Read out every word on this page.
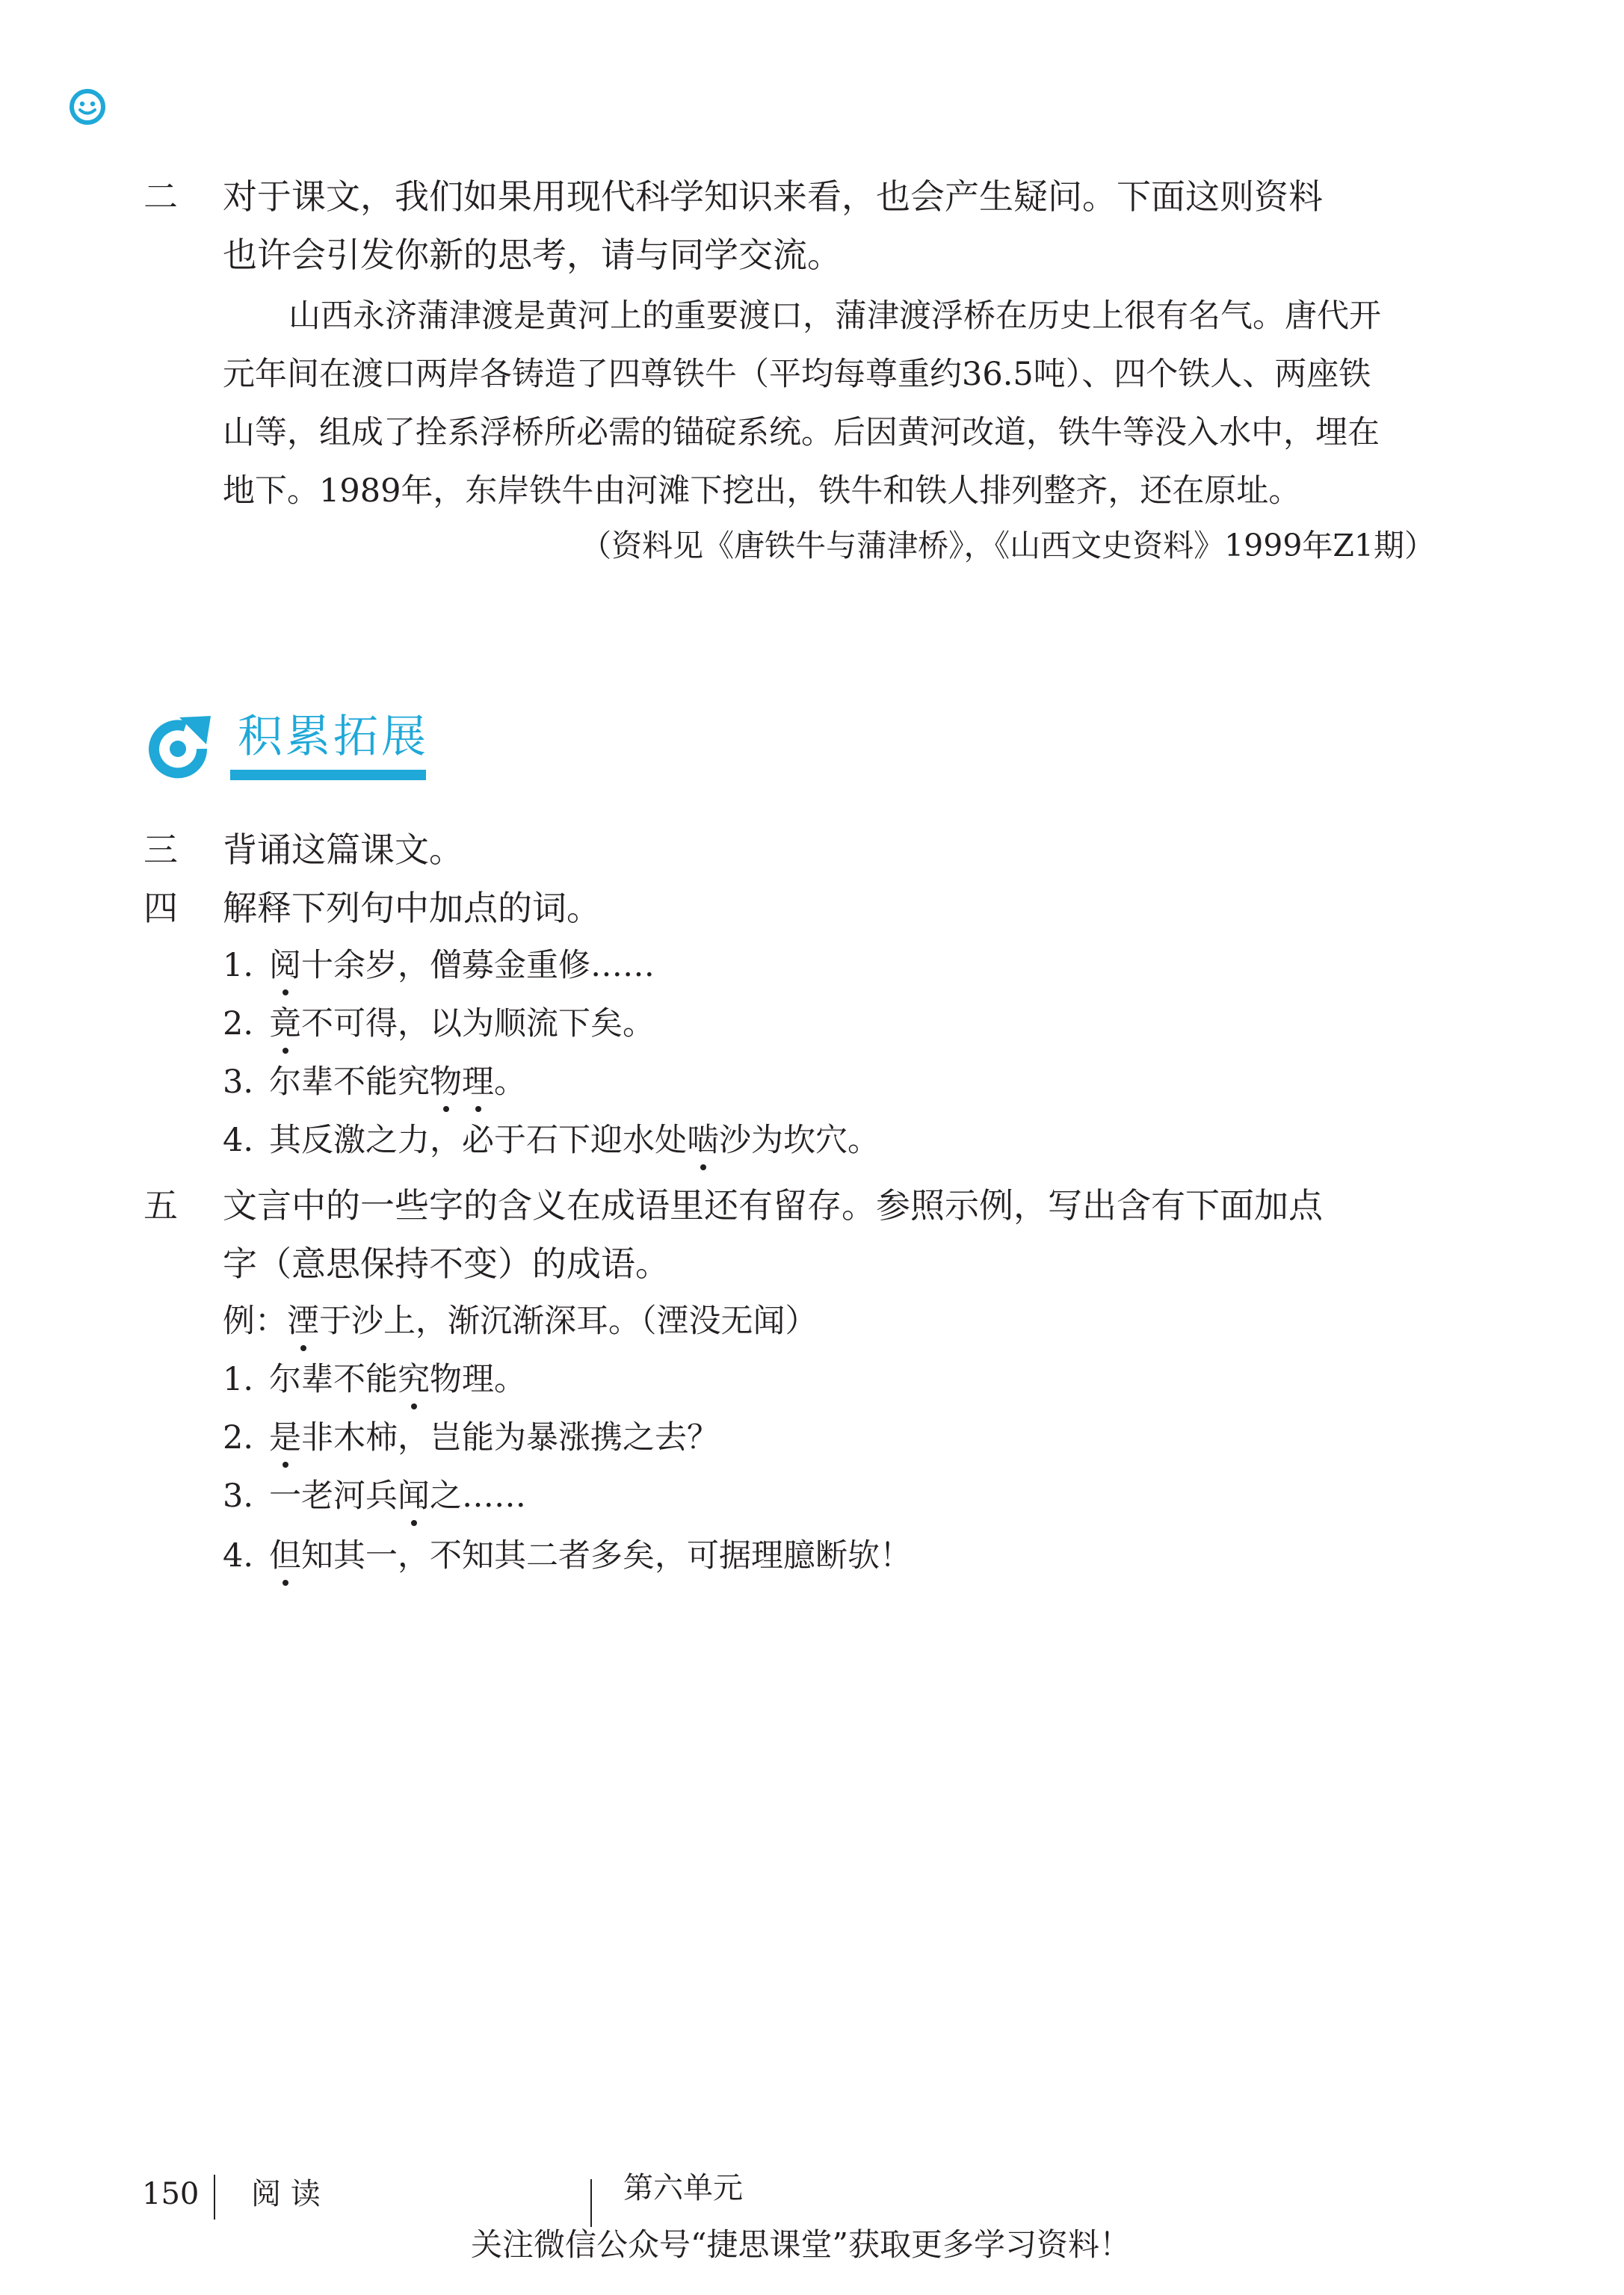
二	对于课文，我们如果用现代科学知识来看，也会产生疑问。下面这则资料
也许会引发你新的思考，请与同学交流。
山西永济蒲津渡是黄河上的重要渡口，蒲津渡浮桥在历史上很有名气。唐代开
元年间在渡口两岸各铸造了四尊铁牛（平均每尊重约36.5吨）、四个铁人、两座铁
山等，组成了拴系浮桥所必需的锚碇系统。后因黄河改道，铁牛等没入水中，埋在
地下。1989年，东岸铁牛由河滩下挖出，铁牛和铁人排列整齐，还在原址。
（资料见《唐铁牛与蒲津桥》，《山西文史资料》1999年Z1期）
积累拓展
三	背诵这篇课文。
四	解释下列句中加点的词。
1. 阅十余岁，僧募金重修……
2. 竟不可得，以为顺流下矣。
3. 尔辈不能究物理。
4. 其反激之力，必于石下迎水处啮沙为坎穴。
五	文言中的一些字的含义在成语里还有留存。参照示例，写出含有下面加点
字（意思保持不变）的成语。
例：湮于沙上，渐沉渐深耳。（湮没无闻）
1. 尔辈不能究物理。
2. 是非木柿，岂能为暴涨携之去？
3. 一老河兵闻之……
4. 但知其一，不知其二者多矣，可据理臆断欤！
150 阅 读	第六单元
关注微信公众号“捷思课堂”获取更多学习资料！
